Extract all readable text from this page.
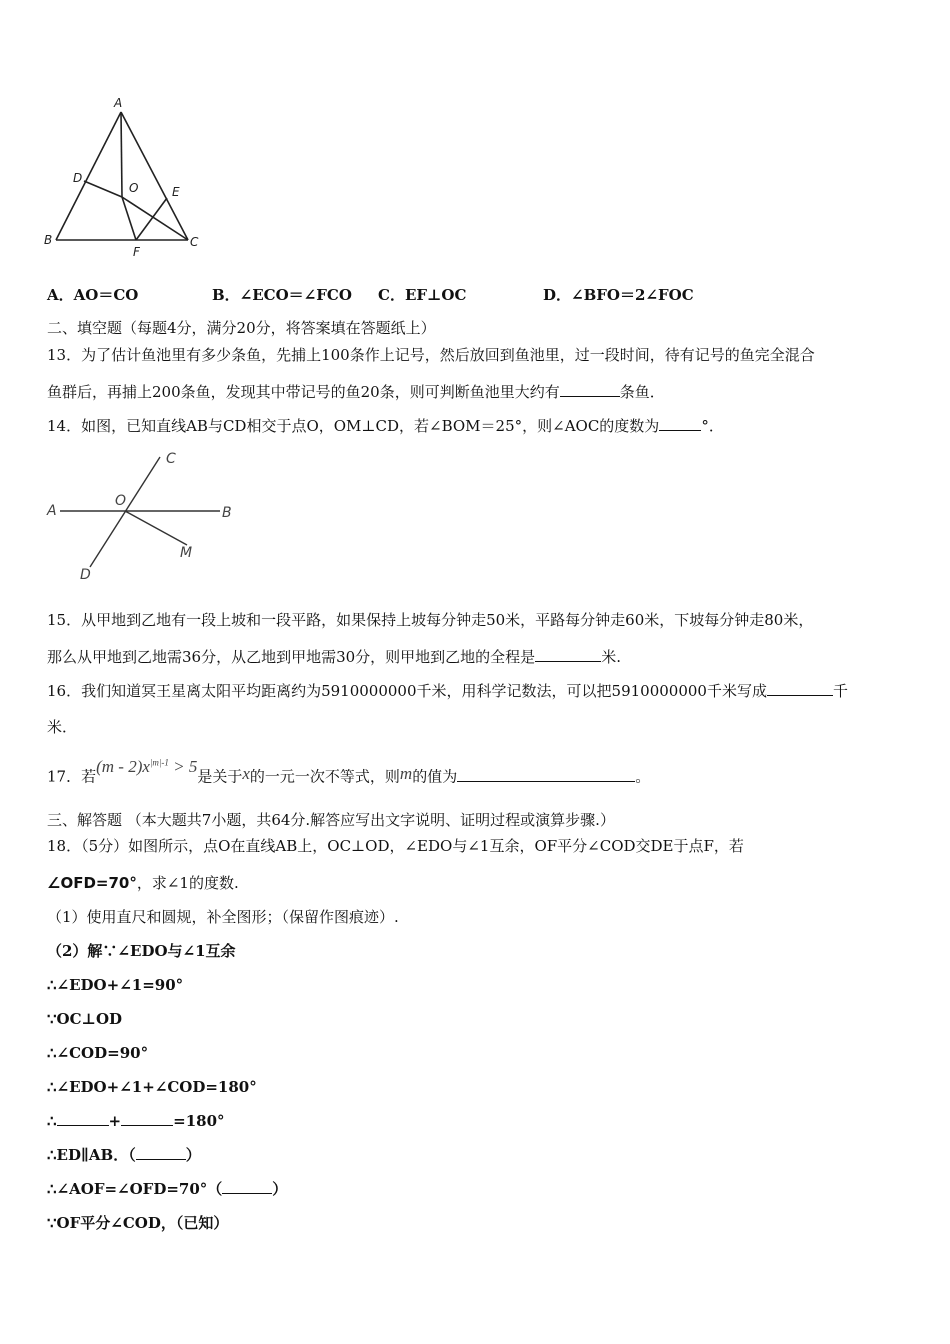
A
B	C
D
E
F
O
A．AO＝CO	B．∠ECO＝∠FCO C．EF⊥OC	D．∠BFO＝2∠FOC
二、填空题（每题4分，满分20分，将答案填在答题纸上）
13．为了估计鱼池里有多少条鱼，先捕上100条作上记号，然后放回到鱼池里，过一段时间，待有记号的鱼完全混合
鱼群后，再捕上200条鱼，发现其中带记号的鱼20条，则可判断鱼池里大约有	条鱼．
14．如图，已知直线AB与CD相交于点O，OM⊥CD，若∠BOM＝25°，则∠AOC的度数为	°．
A	B
C
D
O
M
15．从甲地到乙地有一段上坡和一段平路，如果保持上坡每分钟走50米，平路每分钟走60米，下坡每分钟走80米，
那么从甲地到乙地需36分，从乙地到甲地需30分，则甲地到乙地的全程是	米.
16．我们知道冥王星离太阳平均距离约为5910000000千米，用科学记数法，可以把5910000000千米写成	千
米．
17．若$(m - 2)x^{|m|-1} > 5$是关于x的一元一次不等式，则m的值为	。
三、解答题 （本大题共7小题，共64分.解答应写出文字说明、证明过程或演算步骤.）
18．（5分）如图所示，点O在直线AB上，OC⊥OD，∠EDO与∠1互余，OF平分∠COD交DE于点F，若
∠OFD=70°，求∠1的度数.
（1）使用直尺和圆规，补全图形；（保留作图痕迹）.
（2）解∵∠EDO与∠1互余
∴∠EDO+∠1=90°
∵OC⊥OD
∴∠COD=90°
∴∠EDO+∠1+∠COD=180°
∴	+	=180°
∴ED∥AB．（	）
∴∠AOF=∠OFD=70°（	）
∵OF平分∠COD，（已知）
